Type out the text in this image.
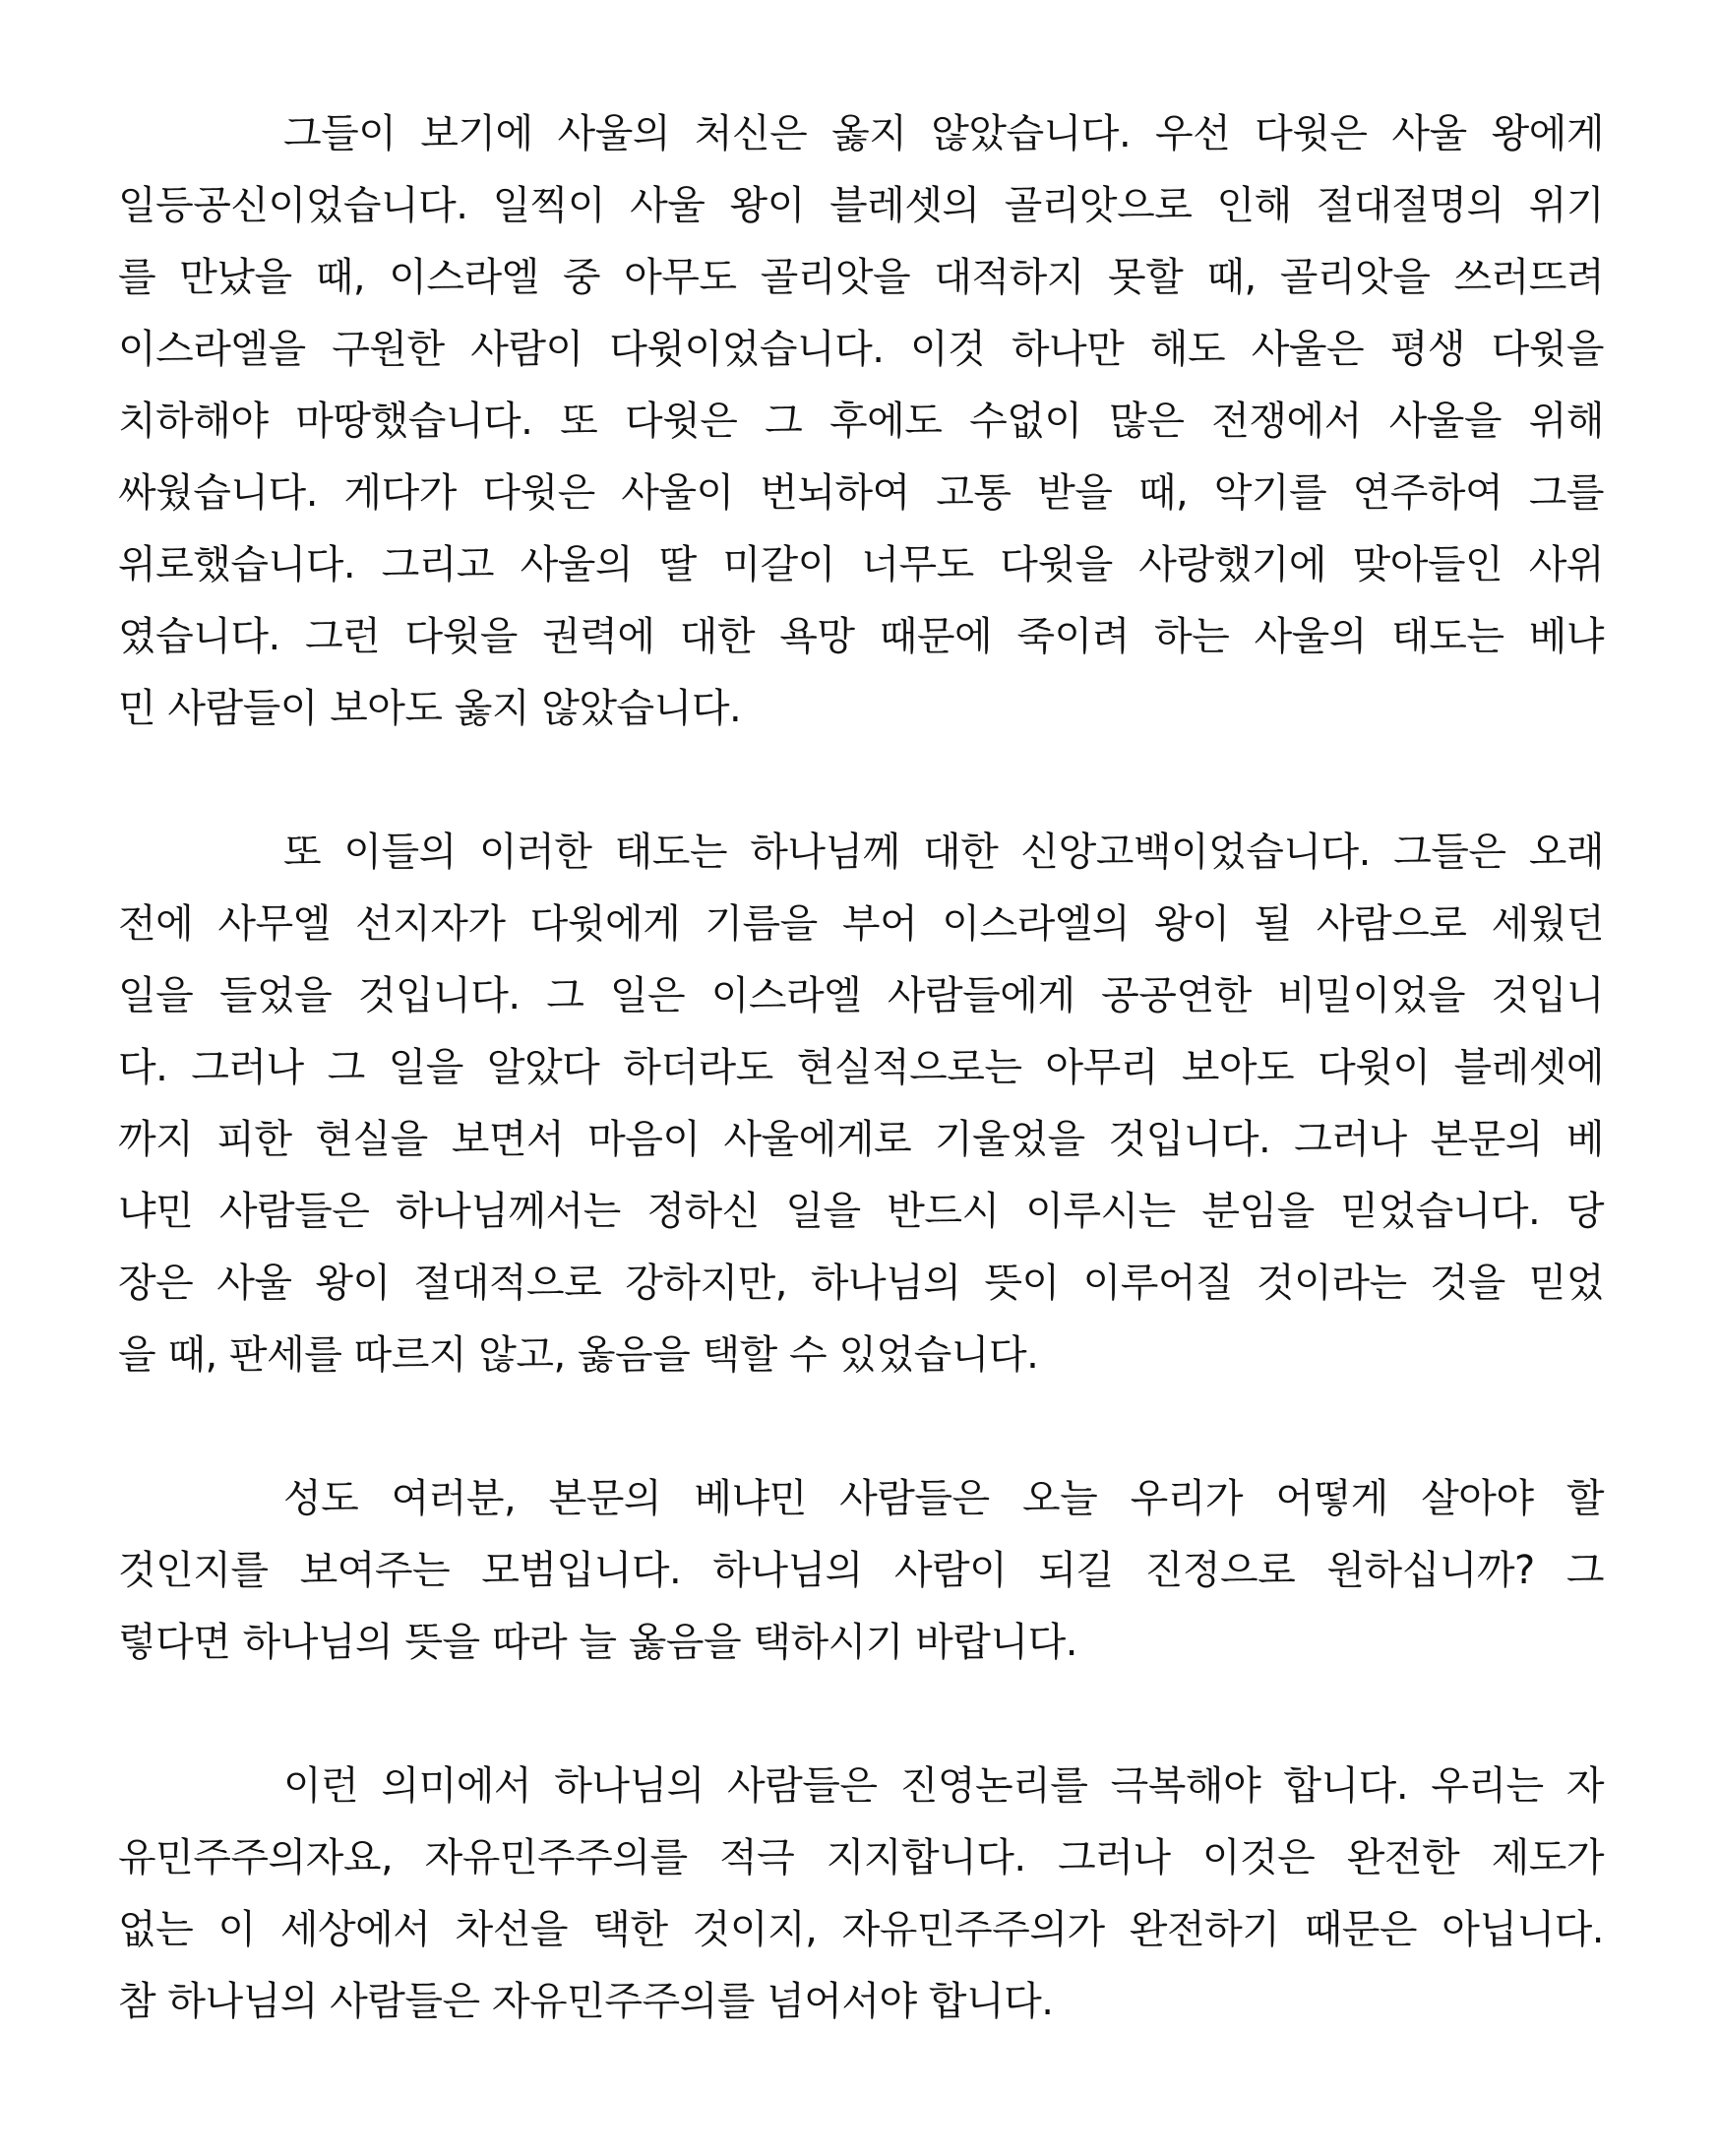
그들이 보기에 사울의 처신은 옳지 않았습니다. 우선 다윗은 사울 왕에게
일등공신이었습니다. 일찍이 사울 왕이 블레셋의 골리앗으로 인해 절대절명의 위기
를 만났을 때, 이스라엘 중 아무도 골리앗을 대적하지 못할 때, 골리앗을 쓰러뜨려
이스라엘을 구원한 사람이 다윗이었습니다. 이것 하나만 해도 사울은 평생 다윗을
치하해야 마땅했습니다. 또 다윗은 그 후에도 수없이 많은 전쟁에서 사울을 위해
싸웠습니다. 게다가 다윗은 사울이 번뇌하여 고통 받을 때, 악기를 연주하여 그를
위로했습니다. 그리고 사울의 딸 미갈이 너무도 다윗을 사랑했기에 맞아들인 사위
였습니다. 그런 다윗을 권력에 대한 욕망 때문에 죽이려 하는 사울의 태도는 베냐
민 사람들이 보아도 옳지 않았습니다.
또 이들의 이러한 태도는 하나님께 대한 신앙고백이었습니다. 그들은 오래
전에 사무엘 선지자가 다윗에게 기름을 부어 이스라엘의 왕이 될 사람으로 세웠던
일을 들었을 것입니다. 그 일은 이스라엘 사람들에게 공공연한 비밀이었을 것입니
다. 그러나 그 일을 알았다 하더라도 현실적으로는 아무리 보아도 다윗이 블레셋에
까지 피한 현실을 보면서 마음이 사울에게로 기울었을 것입니다. 그러나 본문의 베
냐민 사람들은 하나님께서는 정하신 일을 반드시 이루시는 분임을 믿었습니다. 당
장은 사울 왕이 절대적으로 강하지만, 하나님의 뜻이 이루어질 것이라는 것을 믿었
을 때, 판세를 따르지 않고, 옳음을 택할 수 있었습니다.
성도 여러분, 본문의 베냐민 사람들은 오늘 우리가 어떻게 살아야 할
것인지를 보여주는 모범입니다. 하나님의 사람이 되길 진정으로 원하십니까? 그
렇다면 하나님의 뜻을 따라 늘 옳음을 택하시기 바랍니다.
이런 의미에서 하나님의 사람들은 진영논리를 극복해야 합니다. 우리는 자
유민주주의자요, 자유민주주의를 적극 지지합니다. 그러나 이것은 완전한 제도가
없는 이 세상에서 차선을 택한 것이지, 자유민주주의가 완전하기 때문은 아닙니다.
참 하나님의 사람들은 자유민주주의를 넘어서야 합니다.
